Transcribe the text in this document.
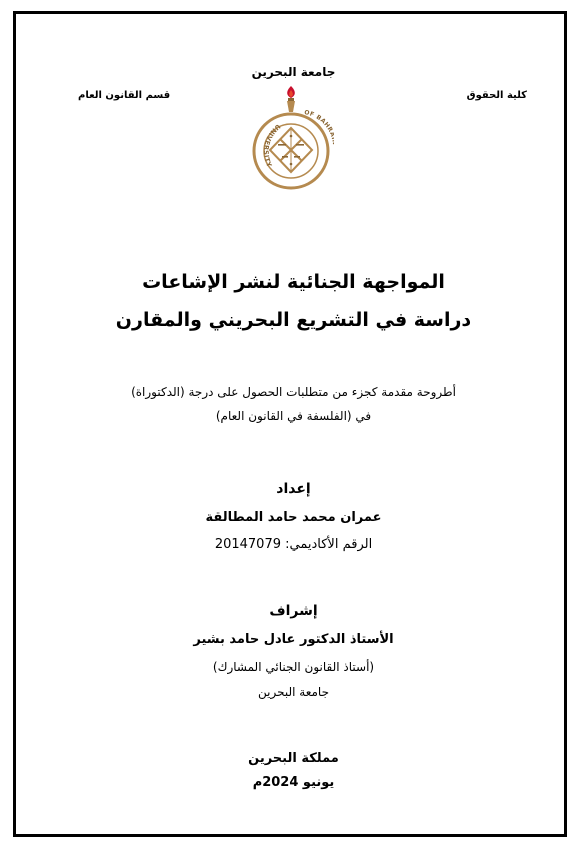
جامعة البحرين
كلية الحقوق
قسم القانون العام
UNIVERSITY
OF BAHR
المواجهة الجنائية لنشر الإشاعات
دراسة في التشريع البحريني والمقارن
أطروحة مقدمة كجزء من متطلبات الحصول على درجة (الدكتوراة)
في (الفلسفة في القانون العام)
إعداد
عمران محمد حامد المطالقة
الرقم الأكاديمي: 20147079
إشراف
الأستاذ الدكتور عادل حامد بشير
(أستاذ القانون الجنائي المشارك)
جامعة البحرين
مملكة البحرين
يونيو 2024م
